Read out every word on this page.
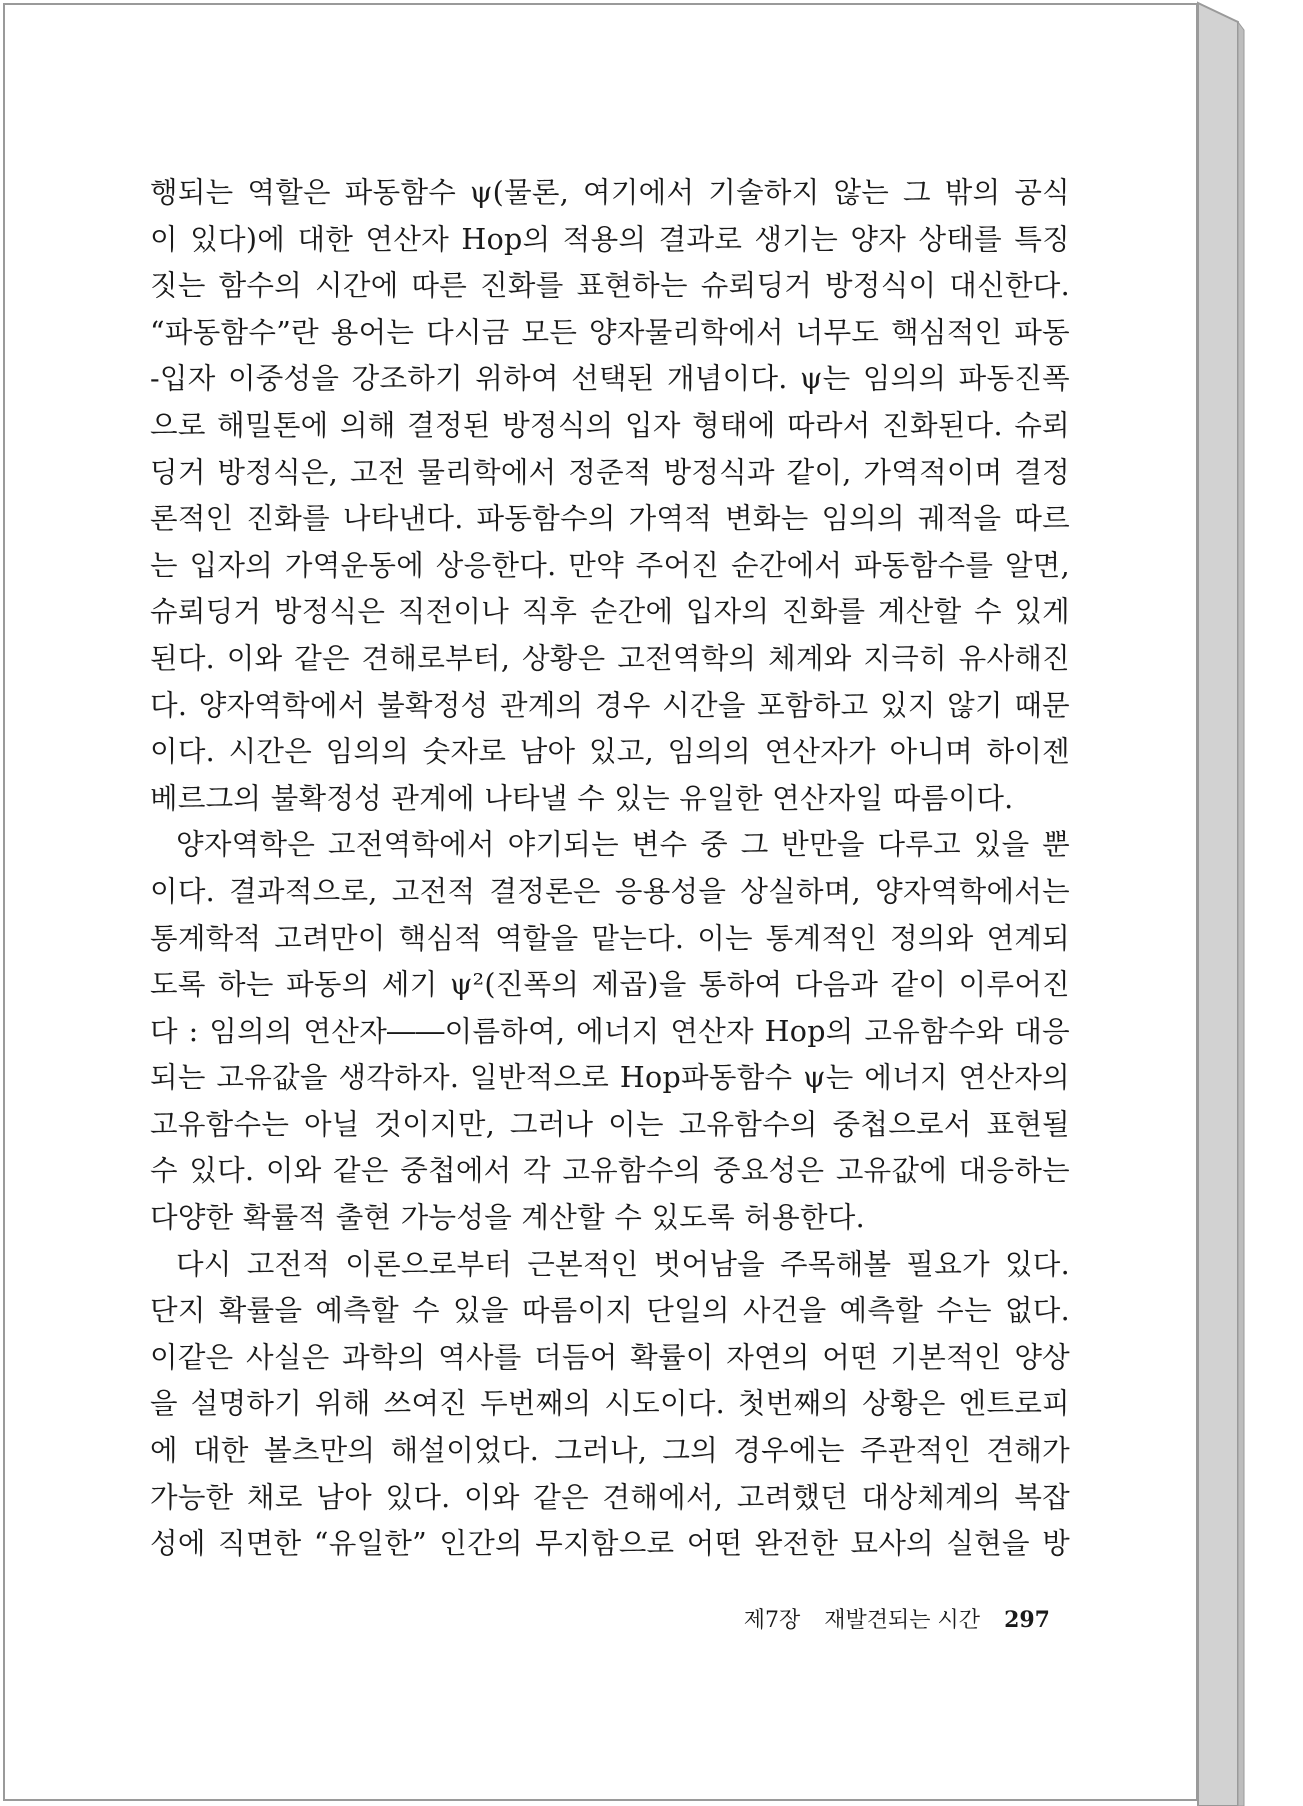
행되는 역할은 파동함수 ψ(물론, 여기에서 기술하지 않는 그 밖의 공식
이 있다)에 대한 연산자 Hop의 적용의 결과로 생기는 양자 상태를 특징
짓는 함수의 시간에 따른 진화를 표현하는 슈뢰딩거 방정식이 대신한다.
“파동함수”란 용어는 다시금 모든 양자물리학에서 너무도 핵심적인 파동
-입자 이중성을 강조하기 위하여 선택된 개념이다. ψ는 임의의 파동진폭
으로 해밀톤에 의해 결정된 방정식의 입자 형태에 따라서 진화된다. 슈뢰
딩거 방정식은, 고전 물리학에서 정준적 방정식과 같이, 가역적이며 결정
론적인 진화를 나타낸다. 파동함수의 가역적 변화는 임의의 궤적을 따르
는 입자의 가역운동에 상응한다. 만약 주어진 순간에서 파동함수를 알면,
슈뢰딩거 방정식은 직전이나 직후 순간에 입자의 진화를 계산할 수 있게
된다. 이와 같은 견해로부터, 상황은 고전역학의 체계와 지극히 유사해진
다. 양자역학에서 불확정성 관계의 경우 시간을 포함하고 있지 않기 때문
이다. 시간은 임의의 숫자로 남아 있고, 임의의 연산자가 아니며 하이젠
베르그의 불확정성 관계에 나타낼 수 있는 유일한 연산자일 따름이다.
양자역학은 고전역학에서 야기되는 변수 중 그 반만을 다루고 있을 뿐
이다. 결과적으로, 고전적 결정론은 응용성을 상실하며, 양자역학에서는
통계학적 고려만이 핵심적 역할을 맡는다. 이는 통계적인 정의와 연계되
도록 하는 파동의 세기 ψ²(진폭의 제곱)을 통하여 다음과 같이 이루어진
다 : 임의의 연산자――이름하여, 에너지 연산자 Hop의 고유함수와 대응
되는 고유값을 생각하자. 일반적으로 Hop파동함수 ψ는 에너지 연산자의
고유함수는 아닐 것이지만, 그러나 이는 고유함수의 중첩으로서 표현될
수 있다. 이와 같은 중첩에서 각 고유함수의 중요성은 고유값에 대응하는
다양한 확률적 출현 가능성을 계산할 수 있도록 허용한다.
다시 고전적 이론으로부터 근본적인 벗어남을 주목해볼 필요가 있다.
단지 확률을 예측할 수 있을 따름이지 단일의 사건을 예측할 수는 없다.
이같은 사실은 과학의 역사를 더듬어 확률이 자연의 어떤 기본적인 양상
을 설명하기 위해 쓰여진 두번째의 시도이다. 첫번째의 상황은 엔트로피
에 대한 볼츠만의 해설이었다. 그러나, 그의 경우에는 주관적인 견해가
가능한 채로 남아 있다. 이와 같은 견해에서, 고려했던 대상체계의 복잡
성에 직면한 “유일한” 인간의 무지함으로 어떤 완전한 묘사의 실현을 방
제7장 재발견되는 시간 297
